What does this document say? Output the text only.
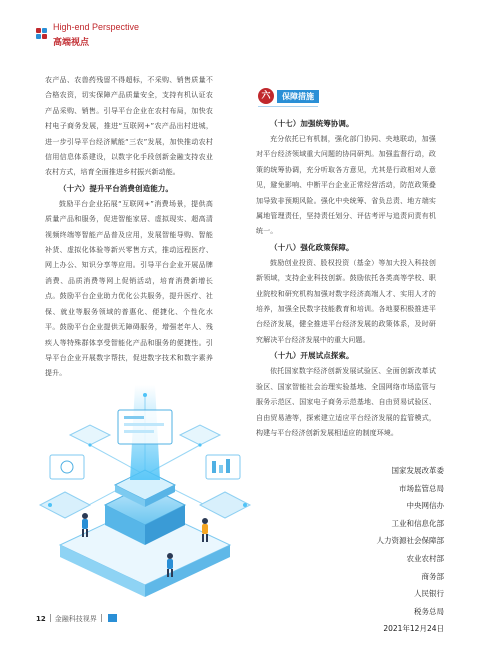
High-end Perspective
高端视点

农产品、农兽药残留不得超标，不采购、销售质量不合格农资，切实保障产品质量安全，支持有机认证农产品采购、销售。引导平台企业在农村布局，加快农村电子商务发展，推进“互联网+”农产品出村进城，进一步引导平台经济赋能“三农”发展，加快推动农村信用信息体系建设，以数字化手段创新金融支持农业农村方式，培育全面推进乡村振兴新动能。

（十六）提升平台消费创造能力。

鼓励平台企业拓展“互联网+”消费场景，提供高质量产品和服务，促进智能家居、虚拟现实、超高清视频终端等智能产品普及应用，发展智能导购、智能补货、虚拟化体验等新兴零售方式，推动远程医疗、网上办公、知识分享等应用。引导平台企业开展品牌消费、品质消费等网上促销活动，培育消费新增长点。鼓励平台企业助力优化公共服务，提升医疗、社保、就业等服务领域的普惠化、便捷化、个性化水平。鼓励平台企业提供无障碍服务，增强老年人、残疾人等特殊群体享受智能化产品和服务的便捷性。引导平台企业开展数字帮扶，促进数字技术和数字素养提升。

六	保障措施
（十七）加强统筹协调。

充分依托已有机制，强化部门协同、央地联动，加强对平台经济领域重大问题的协同研判。加强监督行动，政策的统筹协调，充分听取各方意见，尤其是行政相对人意见，避免影响、中断平台企业正常经营活动，防范政策叠加导致非预期风险。强化中央统筹、省负总责、地方端实属地管理责任，坚持责任划分、评估考评与追责问责有机统一。

（十八）强化政策保障。

鼓励创业投资、股权投资（基金）等加大投入科技创新领域，支持企业科技创新。鼓励依托各类高等学校、职业院校和研究机构加强对数字经济高端人才、实用人才的培养，加强全民数字技能教育和培训。各地要积极推进平台经济发展，健全推进平台经济发展的政策体系，及时研究解决平台经济发展中的重大问题。

（十九）开展试点探索。

依托国家数字经济创新发展试验区、全面创新改革试验区、国家智能社会治理实验基地、全国网络市场监管与服务示范区、国家电子商务示范基地、自由贸易试验区、自由贸易港等，探索建立适应平台经济发展的监管模式，构建与平台经济创新发展相适应的制度环境。

国家发展改革委
市场监管总局
中央网信办
工业和信息化部
人力资源社会保障部
农业农村部
商务部
人民银行
税务总局
2021年12月24日
12 金融科技视界
